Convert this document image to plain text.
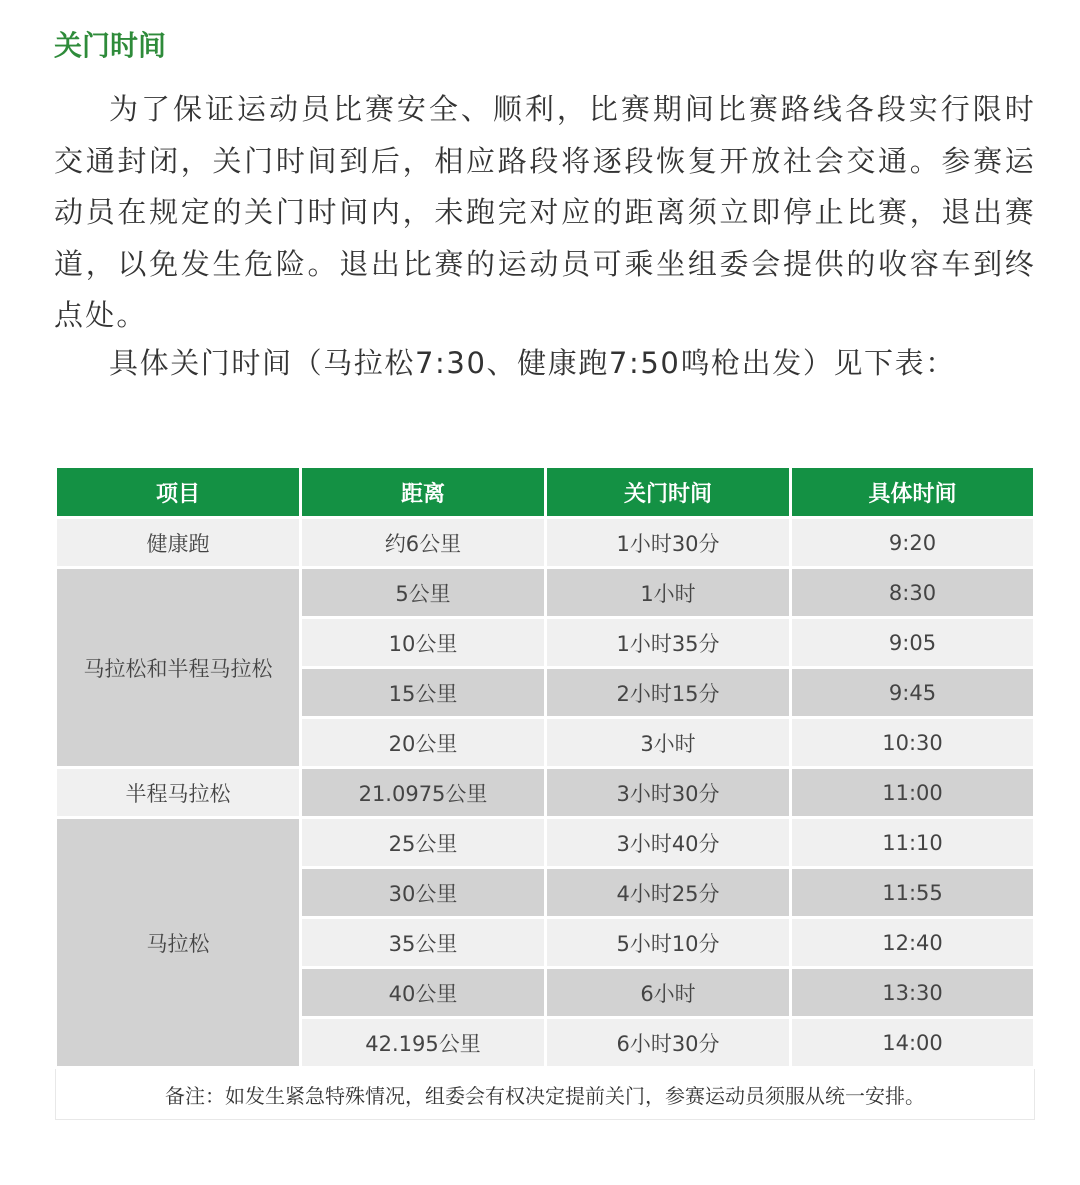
关门时间

为了保证运动员比赛安全、顺利，比赛期间比赛路线各段实行限时交通封闭，关门时间到后，相应路段将逐段恢复开放社会交通。参赛运动员在规定的关门时间内，未跑完对应的距离须立即停止比赛，退出赛道，以免发生危险。退出比赛的运动员可乘坐组委会提供的收容车到终点处。

具体关门时间（马拉松7:30、健康跑7:50鸣枪出发）见下表：

项目	距离	关门时间	具体时间
健康跑	约6公里	1小时30分	9:20
马拉松和半程马拉松	5公里	1小时	8:30
	10公里	1小时35分	9:05
	15公里	2小时15分	9:45
	20公里	3小时	10:30
半程马拉松	21.0975公里	3小时30分	11:00
马拉松	25公里	3小时40分	11:10
	30公里	4小时25分	11:55
	35公里	5小时10分	12:40
	40公里	6小时	13:30
	42.195公里	6小时30分	14:00
备注：如发生紧急特殊情况，组委会有权决定提前关门，参赛运动员须服从统一安排。			
